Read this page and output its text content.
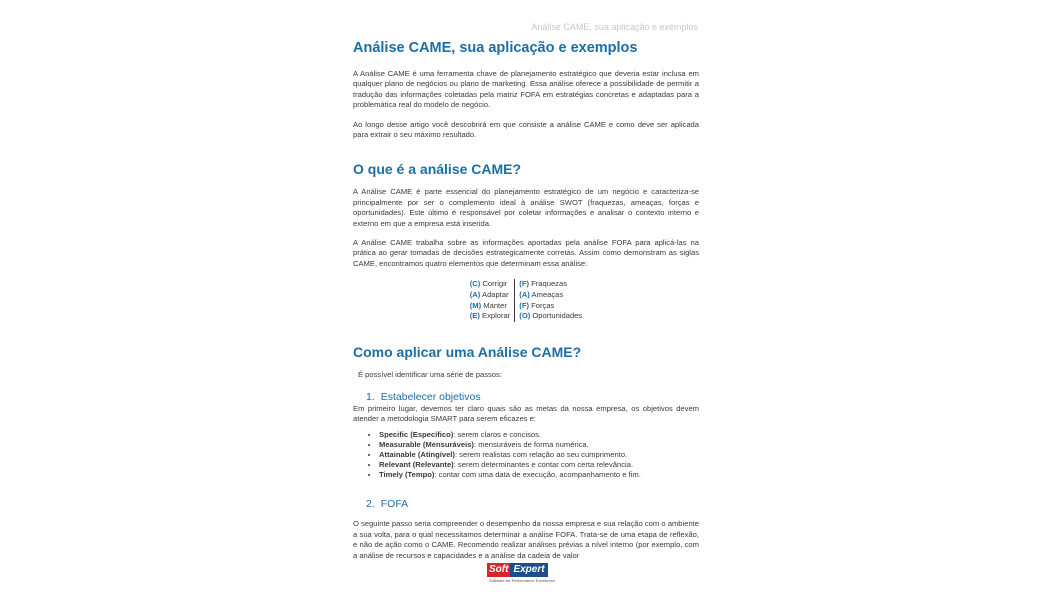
Análise CAME, sua aplicação e exemplos
Análise CAME, sua aplicação e exemplos

A Análise CAME é uma ferramenta chave de planejamento estratégico que deveria estar inclusa em qualquer plano de negócios ou plano de marketing. Essa análise oferece a possibilidade de permitir a tradução das informações coletadas pela matriz FOFA em estratégias concretas e adaptadas para a problemática real do modelo de negócio.

Ao longo desse artigo você descobrirá em que consiste a análise CAME e como deve ser aplicada para extrair o seu máximo resultado.

O que é a análise CAME?

A Análise CAME é parte essencial do planejamento estratégico de um negócio e caracteriza-se principalmente por ser o complemento ideal à análise SWOT (fraquezas, ameaças, forças e oportunidades). Este último é responsável por coletar informações e analisar o contexto interno e externo em que a empresa está inserida.

A Análise CAME trabalha sobre as informações aportadas pela análise FOFA para aplicá-las na prática ao gerar tomadas de decisões estrategicamente corretas. Assim como demonstram as siglas CAME, encontramos quatro elementos que determinam essa análise:

(C) Corrigir
(A) Adaptar
(M) Manter
(E) Explorar
(F) Fraquezas
(A) Ameaças
(F) Forças
(O) Oportunidades
Como aplicar uma Análise CAME?

É possível identificar uma série de passos:

1. Estabelecer objetivos

Em primeiro lugar, devemos ter claro quais são as metas da nossa empresa, os objetivos devem atender a metodologia SMART para serem eficazes e:

• Specific (Específico): serem claros e concisos.
• Measurable (Mensuráveis): mensuráveis de forma numérica.
• Attainable (Atingível): serem realistas com relação ao seu cumprimento.
• Relevant (Relevante): serem determinantes e contar com certa relevância.
• Timely (Tempo): contar com uma data de execução, acompanhamento e fim.
2. FOFA

O seguinte passo seria compreender o desempenho da nossa empresa e sua relação com o ambiente a sua volta, para o qual necessitamos determinar a análise FOFA. Trata-se de uma etapa de reflexão, e não de ação como o CAME. Recomendo realizar análises prévias a nível interno (por exemplo, com a análise de recursos e capacidades e a análise da cadeia de valor

Soft Expert
Software for Performance Excellence
